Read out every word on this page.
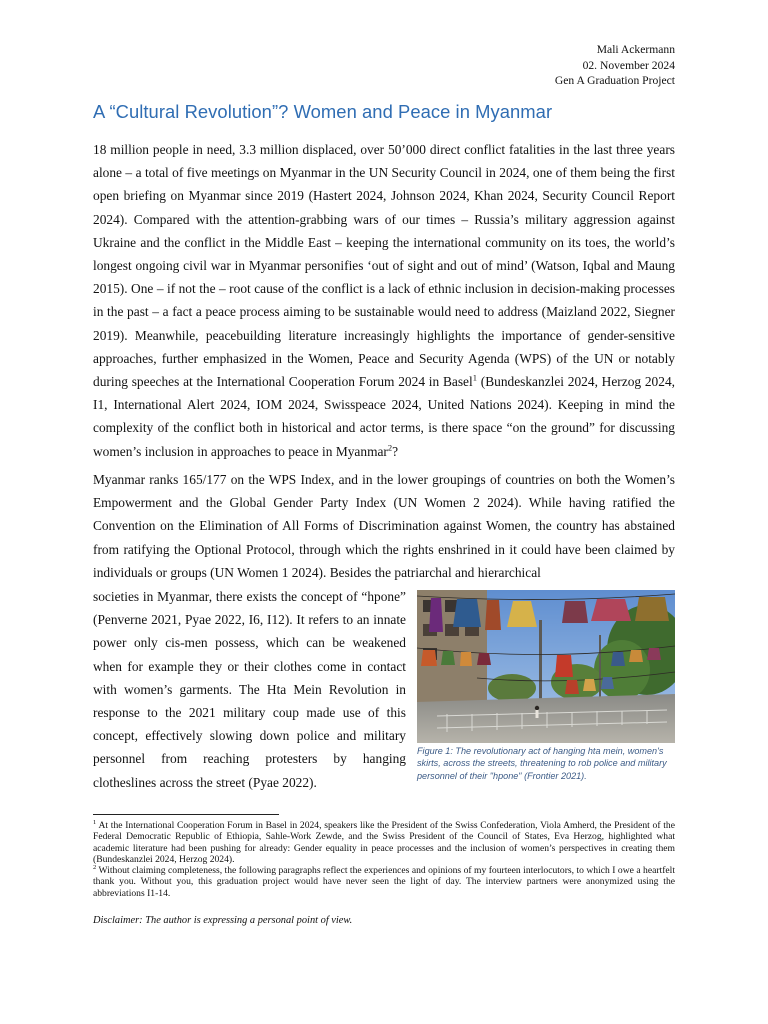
Mali Ackermann
02. November 2024
Gen A Graduation Project
A “Cultural Revolution”? Women and Peace in Myanmar
18 million people in need, 3.3 million displaced, over 50’000 direct conflict fatalities in the last three years alone – a total of five meetings on Myanmar in the UN Security Council in 2024, one of them being the first open briefing on Myanmar since 2019 (Hastert 2024, Johnson 2024, Khan 2024, Security Council Report 2024). Compared with the attention-grabbing wars of our times – Russia’s military aggression against Ukraine and the conflict in the Middle East – keeping the international community on its toes, the world’s longest ongoing civil war in Myanmar personifies ‘out of sight and out of mind’ (Watson, Iqbal and Maung 2015). One – if not the – root cause of the conflict is a lack of ethnic inclusion in decision-making processes in the past – a fact a peace process aiming to be sustainable would need to address (Maizland 2022, Siegner 2019). Meanwhile, peacebuilding literature increasingly highlights the importance of gender-sensitive approaches, further emphasized in the Women, Peace and Security Agenda (WPS) of the UN or notably during speeches at the International Cooperation Forum 2024 in Basel$^1$ (Bundeskanzlei 2024, Herzog 2024, I1, International Alert 2024, IOM 2024, Swisspeace 2024, United Nations 2024). Keeping in mind the complexity of the conflict both in historical and actor terms, is there space “on the ground” for discussing women’s inclusion in approaches to peace in Myanmar$^2$?
Myanmar ranks 165/177 on the WPS Index, and in the lower groupings of countries on both the Women’s Empowerment and the Global Gender Party Index (UN Women 2 2024). While having ratified the Convention on the Elimination of All Forms of Discrimination against Women, the country has abstained from ratifying the Optional Protocol, through which the rights enshrined in it could have been claimed by individuals or groups (UN Women 1 2024). Besides the patriarchal and hierarchical
societies in Myanmar, there exists the concept of “hpone” (Penverne 2021, Pyae 2022, I6, I12). It refers to an innate power only cis-men possess, which can be weakened when for example they or their clothes come in contact with women’s garments. The Hta Mein Revolution in response to the 2021 military coup made use of this concept, effectively slowing down police and military personnel from reaching protesters by hanging clotheslines across the street (Pyae 2022).
Figure 1: The revolutionary act of hanging hta mein, women's skirts, across the streets, threatening to rob police and military personnel of their "hpone" (Frontier 2021).

$^1$ At the International Cooperation Forum in Basel in 2024, speakers like the President of the Swiss Confederation, Viola Amherd, the President of the Federal Democratic Republic of Ethiopia, Sahle-Work Zewde, and the Swiss President of the Council of States, Eva Herzog, highlighted what academic literature had been pushing for already: Gender equality in peace processes and the inclusion of women’s perspectives in creating them (Bundeskanzlei 2024, Herzog 2024).

$^2$ Without claiming completeness, the following paragraphs reflect the experiences and opinions of my fourteen interlocutors, to which I owe a heartfelt thank you. Without you, this graduation project would have never seen the light of day. The interview partners were anonymized using the abbreviations I1-14.

Disclaimer: The author is expressing a personal point of view.
